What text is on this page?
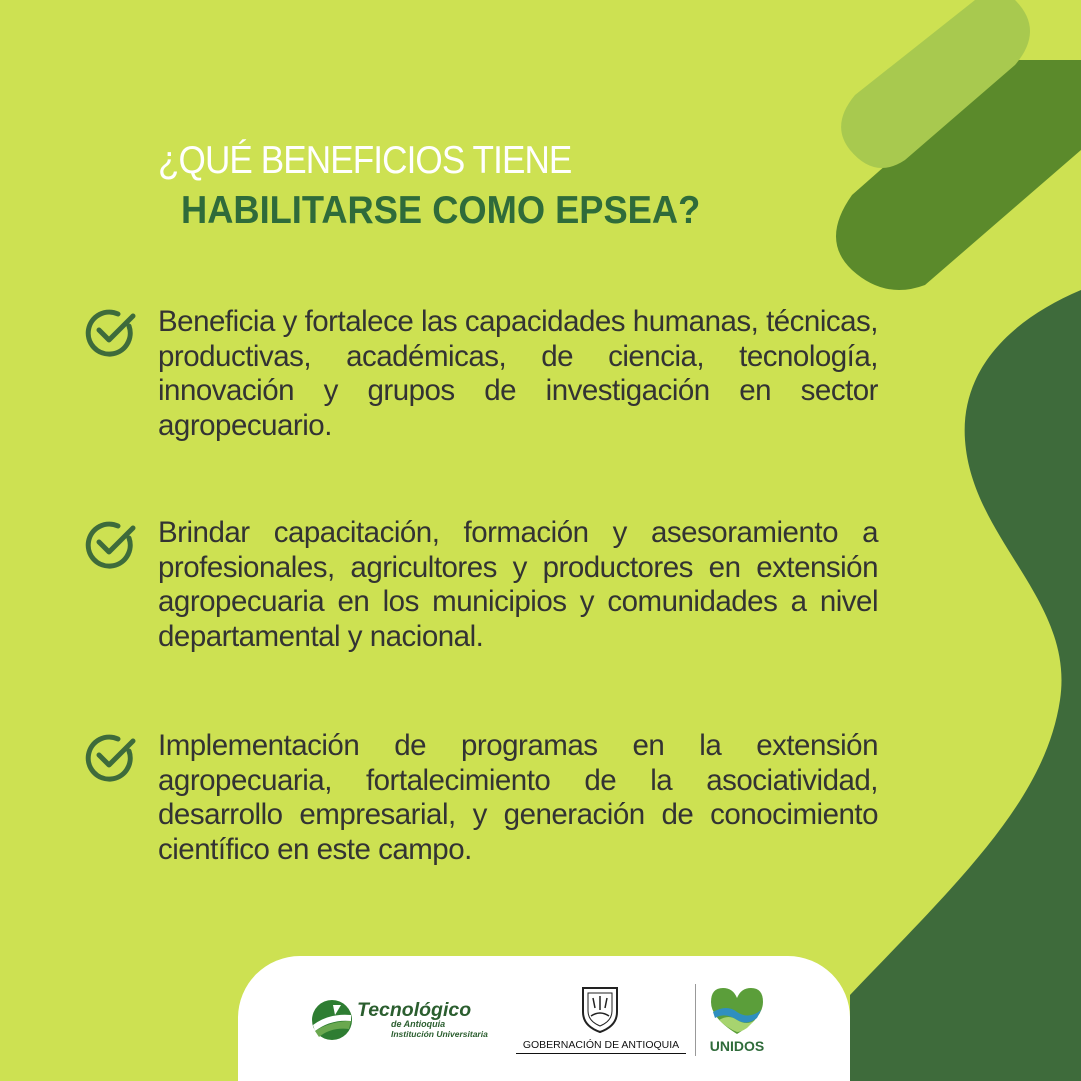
¿QUÉ BENEFICIOS TIENE
HABILITARSE COMO EPSEA?
Beneficia y fortalece las capacidades humanas, técnicas, productivas, académicas, de ciencia, tecnología, innovación y grupos de investigación en sector agropecuario.
Brindar capacitación, formación y asesoramiento a profesionales, agricultores y productores en extensión agropecuaria en los municipios y comunidades a nivel departamental y nacional.
Implementación de programas en la extensión agropecuaria, fortalecimiento de la asociatividad, desarrollo empresarial, y generación de conocimiento científico en este campo.
Tecnológico
de Antioquia
Institución Universitaria
GOBERNACIÓN DE ANTIOQUIA	UNIDOS
